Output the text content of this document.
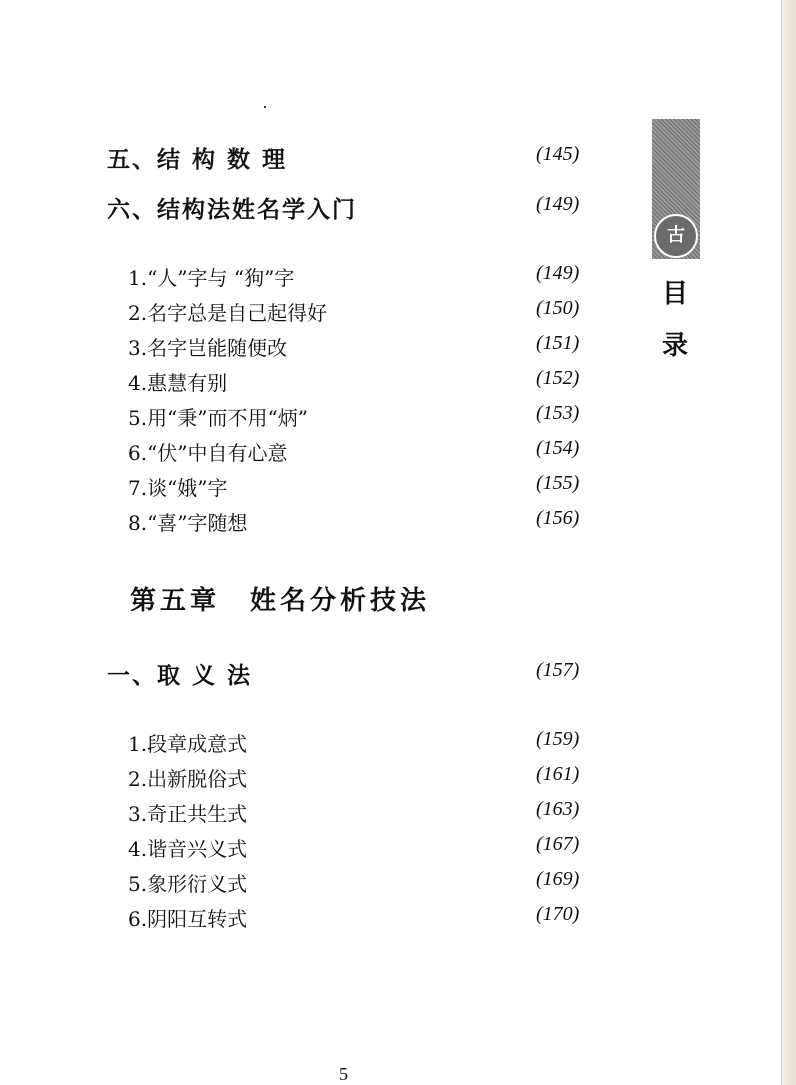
五、结 构 数 理	(145)
六、结构法姓名学入门	(149)
1.“人”字与 “狗”字	(149)
2.名字总是自己起得好	(150)
3.名字岂能随便改	(151)
4.惠慧有别	(152)
5.用“秉”而不用“炳”	(153)
6.“伏”中自有心意	(154)
7.谈“娥”字	(155)
8.“喜”字随想	(156)
第五章　姓名分析技法
一、取 义 法	(157)
1.段章成意式	(159)
2.出新脱俗式	(161)
3.奇正共生式	(163)
4.谐音兴义式	(167)
5.象形衍义式	(169)
6.阴阳互转式	(170)
古
目
录
5
